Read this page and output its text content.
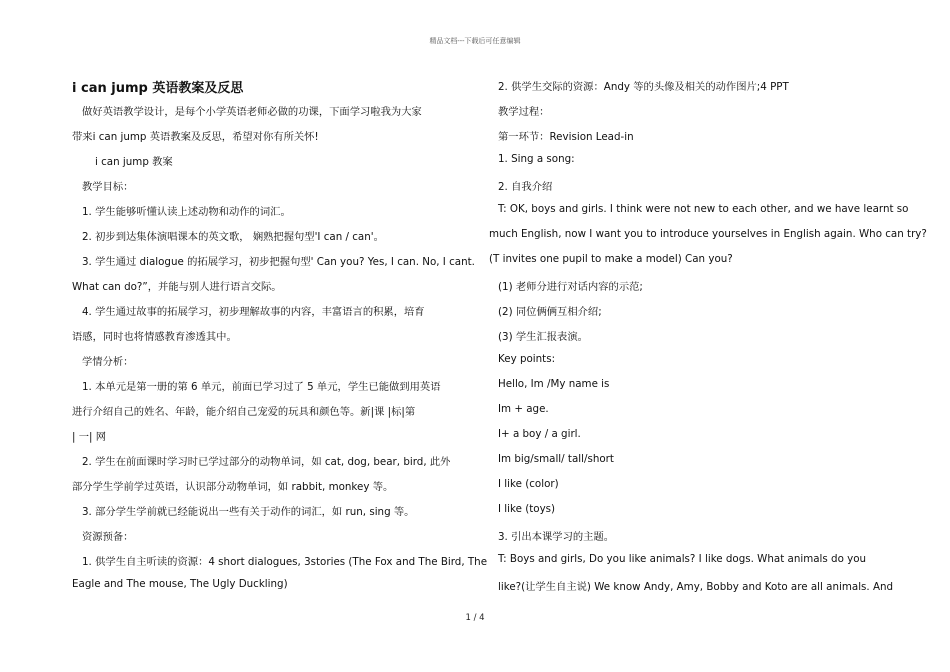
精品文档---下载后可任意编辑
i can jump 英语教案及反思
做好英语教学设计，是每个小学英语老师必做的功课，下面学习啦我为大家
带来i can jump 英语教案及反思，希望对你有所关怀!
i can jump 教案
教学目标：
1. 学生能够听懂认读上述动物和动作的词汇。
2. 初步到达集体演唱课本的英文歌， 娴熟把握句型'I can / can'。
3. 学生通过 dialogue 的拓展学习，初步把握句型' Can you? Yes, I can. No, I cant.
What can do?”，并能与别人进行语言交际。
4. 学生通过故事的拓展学习，初步理解故事的内容，丰富语言的积累，培育
语感，同时也将情感教育渗透其中。
学情分析：
1. 本单元是第一册的第 6 单元，前面已学习过了 5 单元，学生已能做到用英语
进行介绍自己的姓名、年龄，能介绍自己宠爱的玩具和颜色等。新|课 |标|第
| 一| 网
2. 学生在前面课时学习时已学过部分的动物单词，如 cat, dog, bear, bird, 此外
部分学生学前学过英语，认识部分动物单词，如 rabbit, monkey 等。
3. 部分学生学前就已经能说出一些有关于动作的词汇，如 run, sing 等。
资源预备：
1. 供学生自主听读的资源：4 short dialogues, 3stories (The Fox and The Bird, The
Eagle and The mouse, The Ugly Duckling)
2. 供学生交际的资源：Andy 等的头像及相关的动作图片;4 PPT
教学过程：
第一环节：Revision Lead-in
1. Sing a song:
2. 自我介绍
T: OK, boys and girls. I think were not new to each other, and we have learnt so
much English, now I want you to introduce yourselves in English again. Who can try?
(T invites one pupil to make a model) Can you?
(1) 老师分进行对话内容的示范;
(2) 同位俩俩互相介绍;
(3) 学生汇报表演。
Key points:
Hello, Im /My name is
Im + age.
I+ a boy / a girl.
Im big/small/ tall/short
I like (color)
I like (toys)
3. 引出本课学习的主题。
T: Boys and girls, Do you like animals? I like dogs. What animals do you
like?(让学生自主说) We know Andy, Amy, Bobby and Koto are all animals. And
1 / 4
